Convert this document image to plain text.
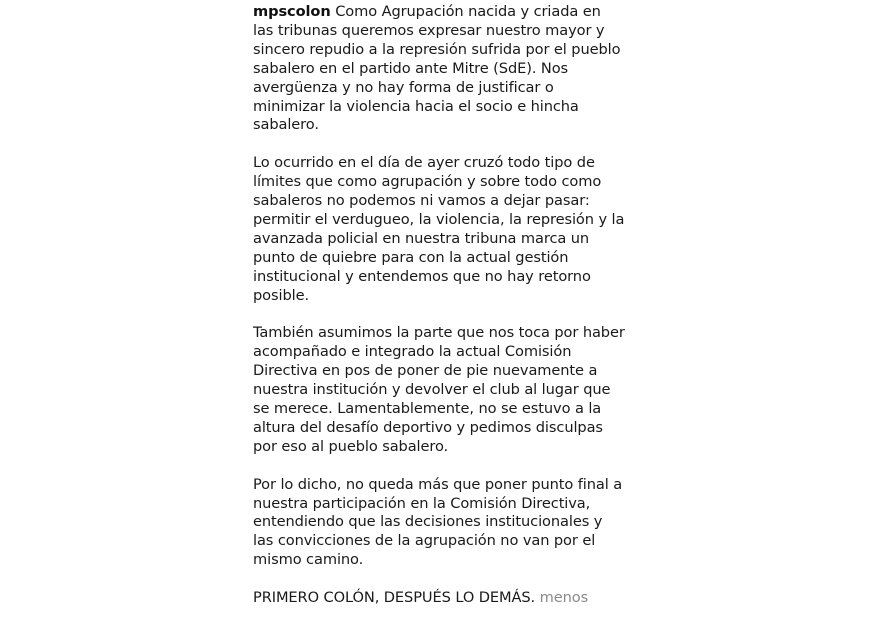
mpscolon Como Agrupación nacida y criada en las tribunas queremos expresar nuestro mayor y sincero repudio a la represión sufrida por el pueblo sabalero en el partido ante Mitre (SdE). Nos avergüenza y no hay forma de justificar o minimizar la violencia hacia el socio e hincha sabalero.

Lo ocurrido en el día de ayer cruzó todo tipo de límites que como agrupación y sobre todo como sabaleros no podemos ni vamos a dejar pasar: permitir el verdugueo, la violencia, la represión y la avanzada policial en nuestra tribuna marca un punto de quiebre para con la actual gestión institucional y entendemos que no hay retorno posible.

También asumimos la parte que nos toca por haber acompañado e integrado la actual Comisión Directiva en pos de poner de pie nuevamente a nuestra institución y devolver el club al lugar que se merece. Lamentablemente, no se estuvo a la altura del desafío deportivo y pedimos disculpas por eso al pueblo sabalero.

Por lo dicho, no queda más que poner punto final a nuestra participación en la Comisión Directiva, entendiendo que las decisiones institucionales y las convicciones de la agrupación no van por el mismo camino.

PRIMERO COLÓN, DESPUÉS LO DEMÁS. menos
